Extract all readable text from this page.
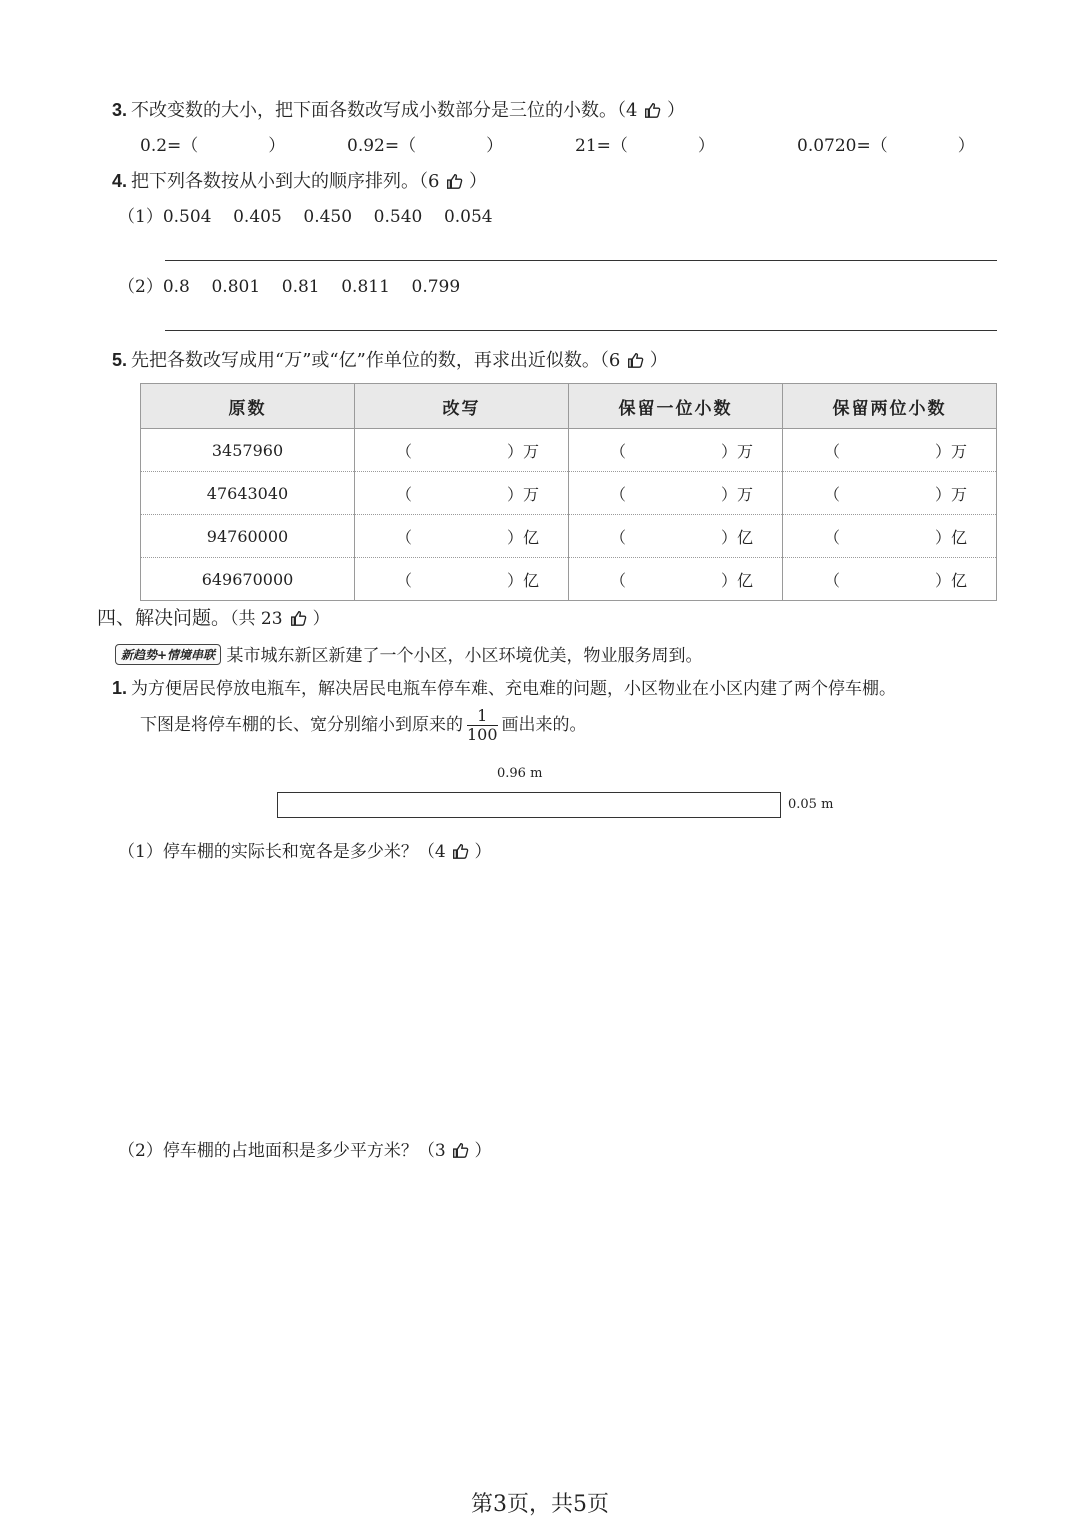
3. 不改变数的大小，把下面各数改写成小数部分是三位的小数。（4 ）
0.2=（	）	0.92=（	）	21=（	）	0.0720=（	）
4. 把下列各数按从小到大的顺序排列。（6 ）
（1）0.504    0.405    0.450    0.540    0.054
（2）0.8    0.801    0.81    0.811    0.799
5. 先把各数改写成用“万”或“亿”作单位的数，再求出近似数。（6 ）
原数	改写	保留一位小数	保留两位小数
3457960	（ ）万	（ ）万	（ ）万

47643040	（ ）万	（ ）万	（ ）万

94760000	（ ）亿	（ ）亿	（ ）亿

649670000	（ ）亿	（ ）亿	（ ）亿
四、解决问题。（共 23 ）
新趋势+情境串联 某市城东新区新建了一个小区，小区环境优美，物业服务周到。
1. 为方便居民停放电瓶车，解决居民电瓶车停车难、充电难的问题，小区物业在小区内建了两个停车棚。
下图是将停车棚的长、宽分别缩小到原来的 $\frac{1}{100}$ 画出来的。
0.96 m
0.05 m
（1）停车棚的实际长和宽各是多少米？（4 ）
（2）停车棚的占地面积是多少平方米？（3 ）
第3页，共5页
